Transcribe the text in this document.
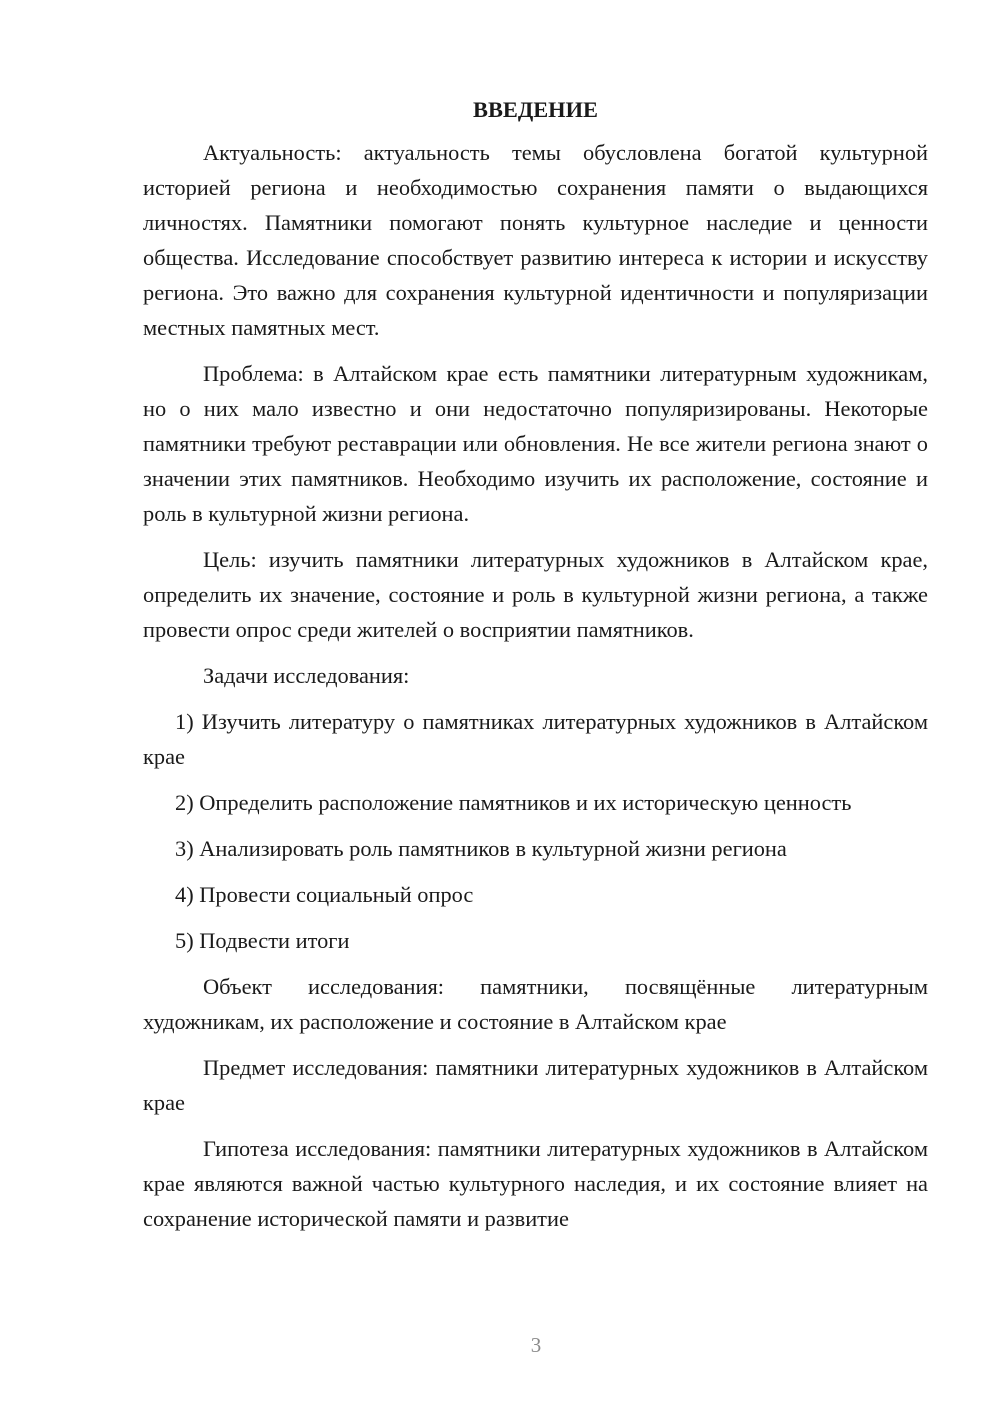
ВВЕДЕНИЕ

Актуальность: актуальность темы обусловлена богатой культурной историей региона и необходимостью сохранения памяти о выдающихся личностях. Памятники помогают понять культурное наследие и ценности общества. Исследование способствует развитию интереса к истории и искусству региона. Это важно для сохранения культурной идентичности и популяризации местных памятных мест.

Проблема: в Алтайском крае есть памятники литературным художникам, но о них мало известно и они недостаточно популяризированы. Некоторые памятники требуют реставрации или обновления. Не все жители региона знают о значении этих памятников. Необходимо изучить их расположение, состояние и роль в культурной жизни региона.

Цель: изучить памятники литературных художников в Алтайском крае, определить их значение, состояние и роль в культурной жизни региона, а также провести опрос среди жителей о восприятии памятников.

Задачи исследования:

1) Изучить литературу о памятниках литературных художников в Алтайском крае

2) Определить расположение памятников и их историческую ценность

3) Анализировать роль памятников в культурной жизни региона

4) Провести социальный опрос

5) Подвести итоги

Объект исследования: памятники, посвящённые литературным художникам, их расположение и состояние в Алтайском крае

Предмет исследования: памятники литературных художников в Алтайском крае

Гипотеза исследования: памятники литературных художников в Алтайском крае являются важной частью культурного наследия, и их состояние влияет на сохранение исторической памяти и развитие

3
